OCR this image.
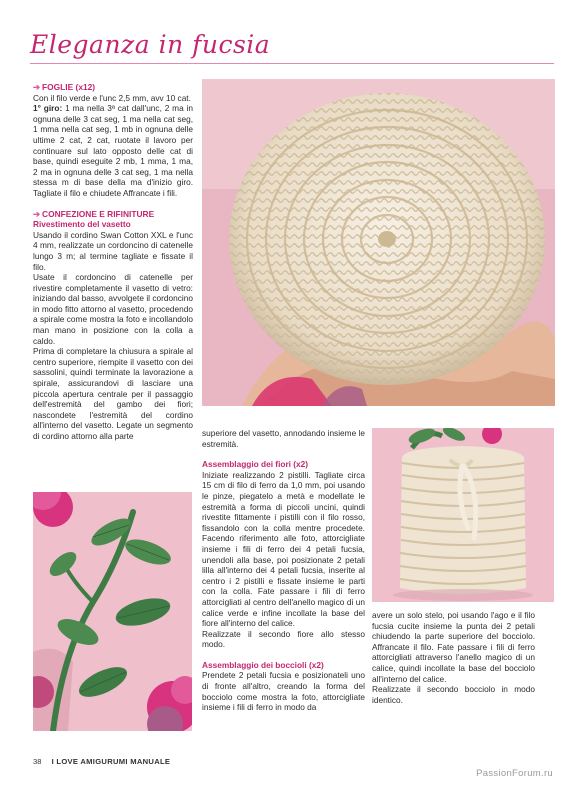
Eleganza in fucsia

➔ FOGLIE (x12)

Con il filo verde e l'unc 2,5 mm, avv 10 cat.

1° giro: 1 ma nella 3ª cat dall'unc, 2 ma in ognuna delle 3 cat seg, 1 ma nella cat seg, 1 mma nella cat seg, 1 mb in ognuna delle ultime 2 cat, 2 cat, ruotate il lavoro per continuare sul lato opposto delle cat di base, quindi eseguite 2 mb, 1 mma, 1 ma, 2 ma in ognuna delle 3 cat seg, 1 ma nella stessa m di base della ma d'inizio giro. Tagliate il filo e chiudete Affrancate i fili.

➔ CONFEZIONE E RIFINITURE

Rivestimento del vasetto

Usando il cordino Swan Cotton XXL e l'unc 4 mm, realizzate un cordoncino di catenelle lungo 3 m; al termine tagliate e fissate il filo.

Usate il cordoncino di catenelle per rivestire completamente il vasetto di vetro: iniziando dal basso, avvolgete il cordoncino in modo fitto attorno al vasetto, procedendo a spirale come mostra la foto e incollandolo man mano in posizione con la colla a caldo.

Prima di completare la chiusura a spirale al centro superiore, riempite il vasetto con dei sassolini, quindi terminate la lavorazione a spirale, assicurandovi di lasciare una piccola apertura centrale per il passaggio dell'estremità del gambo dei fiori; nascondete l'estremità del cordino all'interno del vasetto. Legate un segmento di cordino attorno alla parte	superiore del vasetto, annodando insieme le estremità.

Assemblaggio dei fiori (x2)

Iniziate realizzando 2 pistilli. Tagliate circa 15 cm di filo di ferro da 1,0 mm, poi usando le pinze, piegatelo a metà e modellate le estremità a forma di piccoli uncini, quindi rivestite fittamente i pistilli con il filo rosso, fissandolo con la colla mentre procedete. Facendo riferimento alle foto, attorcigliate insieme i fili di ferro dei 4 petali fucsia, unendoli alla base, poi posizionate 2 petali lilla all'interno dei 4 petali fucsia, inserite al centro i 2 pistilli e fissate insieme le parti con la colla. Fate passare i fili di ferro attorcigliati al centro dell'anello magico di un calice verde e infine incollate la base del fiore all'interno del calice.

Realizzate il secondo fiore allo stesso modo.

Assemblaggio dei boccioli (x2)

Prendete 2 petali fucsia e posizionateli uno di fronte all'altro, creando la forma del bocciolo come mostra la foto, attorcigliate insieme i fili di ferro in modo da

avere un solo stelo, poi usando l'ago e il filo fucsia cucite insieme la punta dei 2 petali chiudendo la parte superiore del bocciolo. Affrancate il filo. Fate passare i fili di ferro attorcigliati attraverso l'anello magico di un calice, quindi incollate la base del bocciolo all'interno del calice.

Realizzate il secondo bocciolo in modo identico.

38 I LOVE AMIGURUMI MANUALE
PassionForum.ru
